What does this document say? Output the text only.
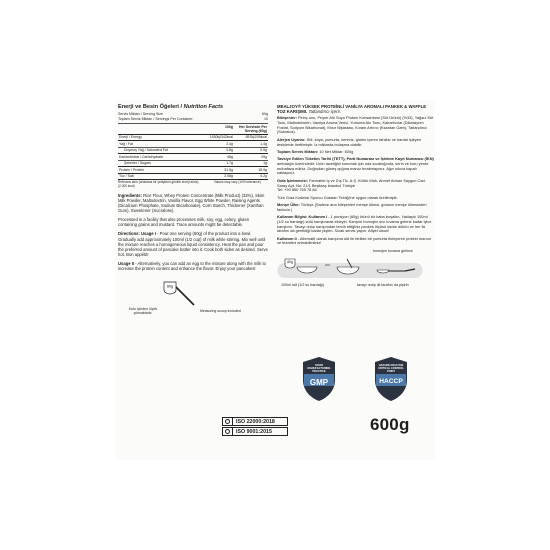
Enerji ve Besin Öğeleri / Nutrition Facts
Servis Miktarı / Serving Size	60g
Toplam Servis Miktarı / Servings Per Container:	10
	100g	Her Servisde Per Serving (60g)
Enerji / Energy	1430kj/342kcal	857kj/205kcal
Yağ / Fat	2.4g	1.4g
Doymuş Yağ / Saturated Fat	0.8g	0.5g
Karbonhidrat / Carbohydrate	48g	29g
Şekerler / Sugars	1.7g	1g
Protein / Protein	31.5g	18.9g
Tuz / Salt	2.08g	0.2g
Referans alım (ortalama bir yetişkinin günlük enerji alımı) (2.000 kcal)
Values may vary (10% tolerance)
Ingredients: Rice Flour, Whey Protein Concentrate (Milk Product) (33%), Skim Milk Powder, Maltodextrin, Vanilla Flavor, Egg White Powder, Raising Agents (Dicalcium Phosphate, Sodium Bicarbonate), Corn Starch, Thickener (Xanthan Gum), Sweetener (Sucralose).
Processed in a facility that also processes milk, soy, egg, celery, gluten containing grains and mustard. Trace amounts might be detectable.
Directions: Usage I - Pour one serving (60g) of the product into a bowl. Gradually add approximately 100ml (1/2 cup) of milk while stirring. Mix well until the mixture reaches a homogeneous liquid consistency. Heat the pan and pour the preferred amount of pancake batter into it. Cook both sides as desired. Serve hot. Bon appétit!
Usage II - Alternatively, you can add an egg to the mixture along with the milk to increase the protein content and enhance the flavor. Enjoy your pancakes!
60g
Kutu içinden ölçek çıkmaktadır.
Measuring scoop included
MEALJOY® YÜKSEK PROTEİNLİ VANİLYA AROMALI PANKEK & WAFFLE TOZ KARIŞIMI. Tatlandırıcı içerir.
Bileşenler: Pirinç unu, Peynir Altı Suyu Protein Konsantresi (Süt Ürünü) (%33), Yağsız Süt Tozu, Maltodekstrin, Vanilya Aroma Verici, Yumurta Akı Tozu, Kabartıcılar (Dikalsiyum Fosfat, Sodyum Bikarbonat), Mısır Nişastası, Kıvam Artırıcı (Ksantan Gam), Tatlandırıcı (Sukraloz).
Alerjen Uyarısı: Süt, soya, yumurta, kereviz, gluten içeren tahıllar ve hardal işleyen tesislerde üretilmiştir. İz miktarda bulaşma olabilir.
Toplam Servis Miktarı: 10 Net Miktar: 600g
Tavsiye Edilen Tüketim Tarihi (TETT), Parti Numarası ve İşletme Kayıt Numarası (İKN) ambalajın üzerindedir. Ürün tazeliğini korumak için oda sıcaklığında, serin ve kuru yerde muhafaza ediniz. Doğrudan güneş ışığına maruz bırakmayınız. Ağzı sıkıca kapalı saklayınız.
Gıda İşletmecisi: Farmatek İç ve Dış Tic. A.Ş. Kültür Mah. Ahmet Adnan Saygun Cad. Saray Apt. No: 21/1 Beşiktaş İstanbul Türkiye
Tel: +90 850 755 78 84
Türk Gıda Kodeksi Sporcu Gıdaları Tebliği'ne uygun olarak üretilmiştir.
Menşe Ülke: Türkiye (Sadece ana bileşenleri menşe ülkesi, gıdanın menşe ülkesinden farklıdır.)
Kullanım Bilgisi: Kullanım I - 1 porsiyon (60g) ürünü bir kaba boşaltın. Yaklaşık 100ml (1/2 su bardağı) sütü karıştırarak ekleyin. Karışım homojen sıvı kıvama gelene kadar iyice karıştırın. Tavayı ısıtıp karışımdan tercih ettiğiniz pankek ölçüsü kadar dökün ve her iki tarafını da gerektiği kadar pişirin. Sıcak servis yapın. Afiyet olsun!
Kullanım II - Alternatif olarak karışıma süt ile birlikte bir yumurta ekleyerek protein oranını ve lezzetini artırabilirsiniz!
60g
homojen kıvama gelince
100ml süt (1/2 su bardağı)	tavayı ısıtıp iki tarafını da pişirin
GOOD MANUFACTURING PRACTICE
GMP
HAZARD ANALYSIS CRITICAL CONTROL POINT
HACCP
ISO 22000:2018
ISO 9001:2015	600g
